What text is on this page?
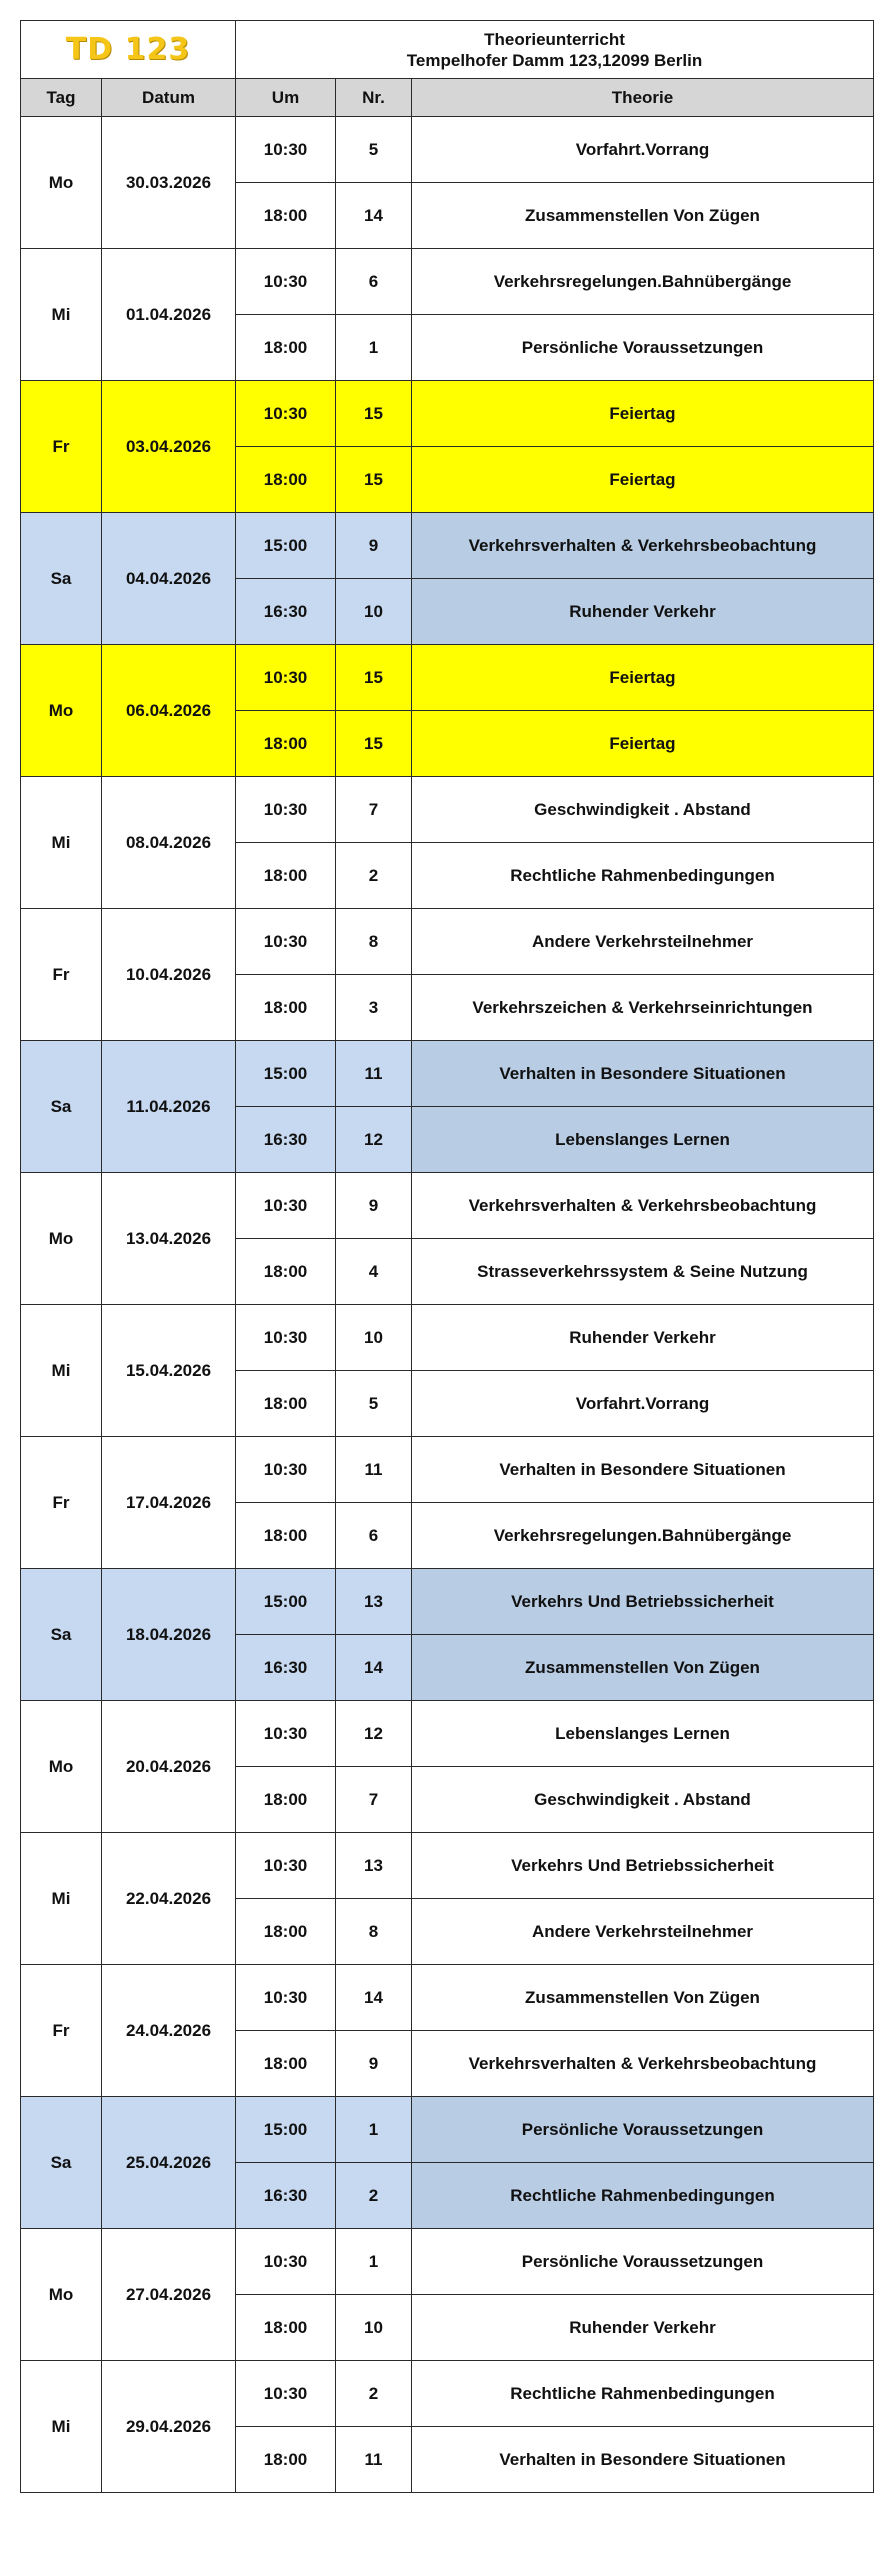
TD 123		Theorieunterricht
Tempelhofer Damm 123,12099 Berlin		

Tag	Datum	Um	Nr.	Theorie
Mo	30.03.2026	10:30	5	Vorfahrt.Vorrang
		18:00	14	Zusammenstellen Von Zügen
Mi	01.04.2026	10:30	6	Verkehrsregelungen.Bahnübergänge
		18:00	1	Persönliche Voraussetzungen
Fr	03.04.2026	10:30	15	Feiertag
		18:00	15	Feiertag
Sa	04.04.2026	15:00	9	Verkehrsverhalten & Verkehrsbeobachtung
		16:30	10	Ruhender Verkehr
Mo	06.04.2026	10:30	15	Feiertag
		18:00	15	Feiertag
Mi	08.04.2026	10:30	7	Geschwindigkeit . Abstand
		18:00	2	Rechtliche Rahmenbedingungen
Fr	10.04.2026	10:30	8	Andere Verkehrsteilnehmer
		18:00	3	Verkehrszeichen & Verkehrseinrichtungen
Sa	11.04.2026	15:00	11	Verhalten in Besondere Situationen
		16:30	12	Lebenslanges Lernen
Mo	13.04.2026	10:30	9	Verkehrsverhalten & Verkehrsbeobachtung
		18:00	4	Strasseverkehrssystem & Seine Nutzung
Mi	15.04.2026	10:30	10	Ruhender Verkehr
		18:00	5	Vorfahrt.Vorrang
Fr	17.04.2026	10:30	11	Verhalten in Besondere Situationen
		18:00	6	Verkehrsregelungen.Bahnübergänge
Sa	18.04.2026	15:00	13	Verkehrs Und Betriebssicherheit
		16:30	14	Zusammenstellen Von Zügen
Mo	20.04.2026	10:30	12	Lebenslanges Lernen
		18:00	7	Geschwindigkeit . Abstand
Mi	22.04.2026	10:30	13	Verkehrs Und Betriebssicherheit
		18:00	8	Andere Verkehrsteilnehmer
Fr	24.04.2026	10:30	14	Zusammenstellen Von Zügen
		18:00	9	Verkehrsverhalten & Verkehrsbeobachtung
Sa	25.04.2026	15:00	1	Persönliche Voraussetzungen
		16:30	2	Rechtliche Rahmenbedingungen
Mo	27.04.2026	10:30	1	Persönliche Voraussetzungen
		18:00	10	Ruhender Verkehr
Mi	29.04.2026	10:30	2	Rechtliche Rahmenbedingungen
		18:00	11	Verhalten in Besondere Situationen
